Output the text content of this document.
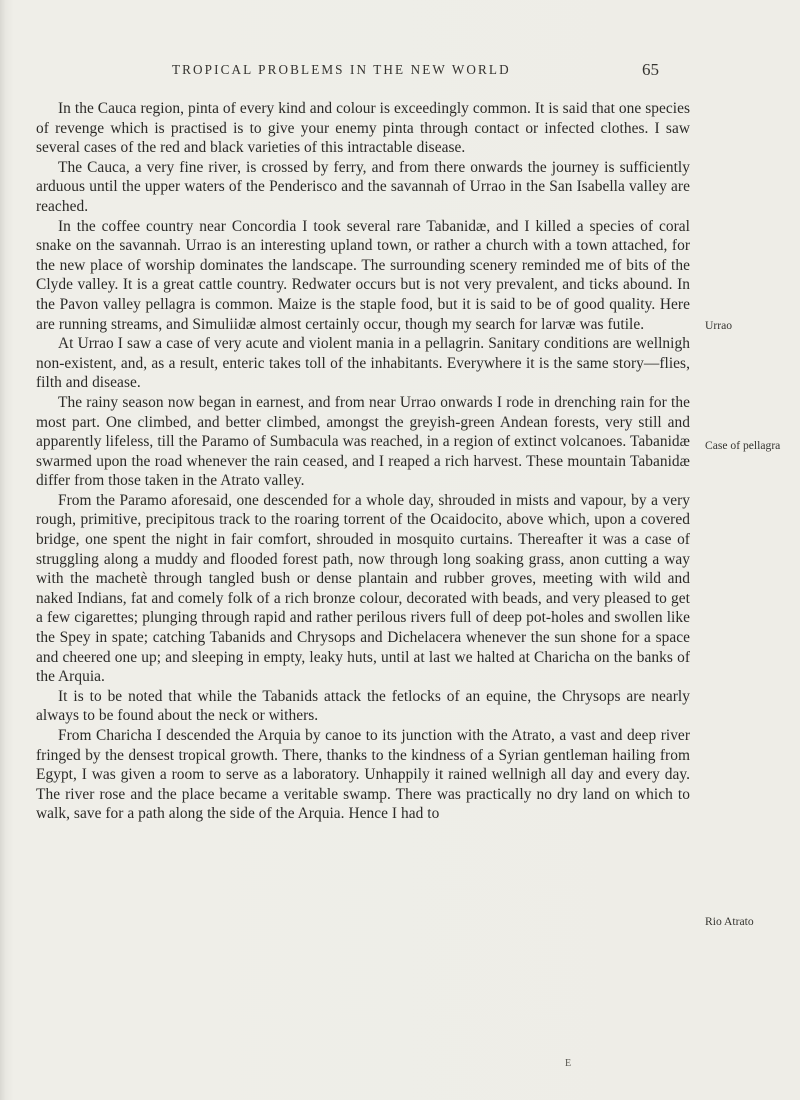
TROPICAL PROBLEMS IN THE NEW WORLD	65

In the Cauca region, pinta of every kind and colour is exceedingly common. It is said that one species of revenge which is practised is to give your enemy pinta through contact or infected clothes. I saw several cases of the red and black varieties of this intractable disease.

The Cauca, a very fine river, is crossed by ferry, and from there onwards the journey is sufficiently arduous until the upper waters of the Penderisco and the savannah of Urrao in the San Isabella valley are reached.

In the coffee country near Concordia I took several rare Tabanidæ, and I killed a species of coral snake on the savannah. Urrao is an interesting upland town, or rather a church with a town attached, for the new place of worship dominates the landscape. The surrounding scenery reminded me of bits of the Clyde valley. It is a great cattle country. Redwater occurs but is not very prevalent, and ticks abound. In the Pavon valley pellagra is common. Maize is the staple food, but it is said to be of good quality. Here are running streams, and Simuliidæ almost certainly occur, though my search for larvæ was futile.

At Urrao I saw a case of very acute and violent mania in a pellagrin. Sanitary conditions are wellnigh non-existent, and, as a result, enteric takes toll of the inhabitants. Everywhere it is the same story—flies, filth and disease.

The rainy season now began in earnest, and from near Urrao onwards I rode in drenching rain for the most part. One climbed, and better climbed, amongst the greyish-green Andean forests, very still and apparently lifeless, till the Paramo of Sumbacula was reached, in a region of extinct volcanoes. Tabanidæ swarmed upon the road whenever the rain ceased, and I reaped a rich harvest. These mountain Tabanidæ differ from those taken in the Atrato valley.

From the Paramo aforesaid, one descended for a whole day, shrouded in mists and vapour, by a very rough, primitive, precipitous track to the roaring torrent of the Ocaidocito, above which, upon a covered bridge, one spent the night in fair comfort, shrouded in mosquito curtains. Thereafter it was a case of struggling along a muddy and flooded forest path, now through long soaking grass, anon cutting a way with the machetè through tangled bush or dense plantain and rubber groves, meeting with wild and naked Indians, fat and comely folk of a rich bronze colour, decorated with beads, and very pleased to get a few cigarettes; plunging through rapid and rather perilous rivers full of deep pot-holes and swollen like the Spey in spate; catching Tabanids and Chrysops and Dichelacera whenever the sun shone for a space and cheered one up; and sleeping in empty, leaky huts, until at last we halted at Charicha on the banks of the Arquia.

It is to be noted that while the Tabanids attack the fetlocks of an equine, the Chrysops are nearly always to be found about the neck or withers.

From Charicha I descended the Arquia by canoe to its junction with the Atrato, a vast and deep river fringed by the densest tropical growth. There, thanks to the kindness of a Syrian gentleman hailing from Egypt, I was given a room to serve as a laboratory. Unhappily it rained wellnigh all day and every day. The river rose and the place became a veritable swamp. There was practically no dry land on which to walk, save for a path along the side of the Arquia. Hence I had to

Urrao
Case of pellagra
Rio Atrato
E
